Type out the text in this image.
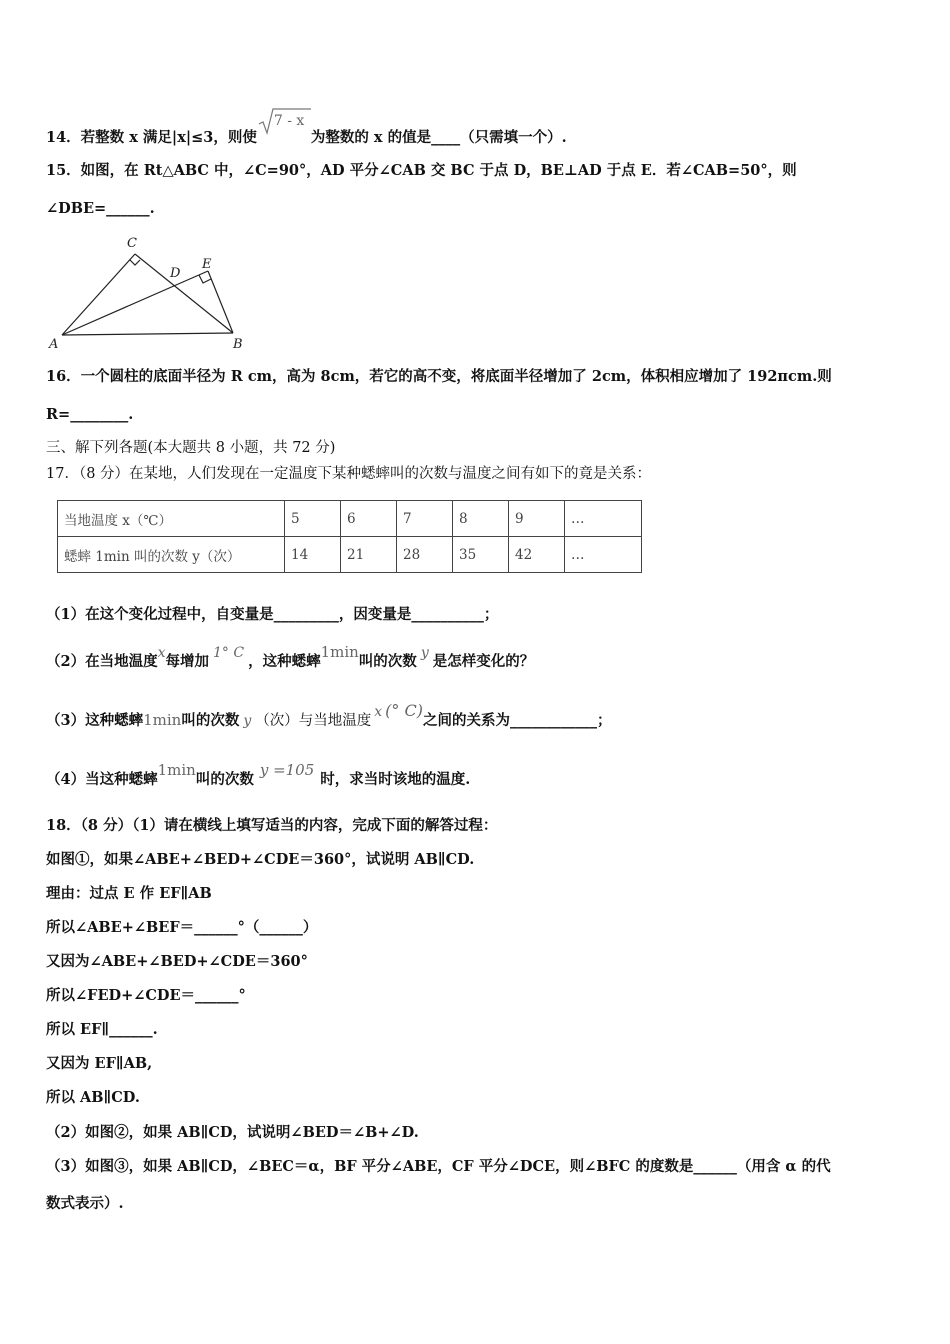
14．若整数 x 满足|x|≤3，则使
7 - x
为整数的 x 的值是____（只需填一个）.
15．如图，在 Rt△ABC 中，∠C=90°，AD 平分∠CAB 交 BC 于点 D，BE⊥AD 于点 E．若∠CAB=50°，则
∠DBE=______.
C
D
E
A	B
16．一个圆柱的底面半径为 R cm，高为 8cm，若它的高不变，将底面半径增加了 2cm，体积相应增加了 192πcm.则
R=________.
三、解下列各题(本大题共 8 小题，共 72 分)
17．（8 分）在某地，人们发现在一定温度下某种蟋蟀叫的次数与温度之间有如下的竟是关系：
当地温度 x（℃）	5	6	7	8	9	…
蟋蟀 1min 叫的次数 y（次）	14	21	28	35	42	…
（1）在这个变化过程中，自变量是_________，因变量是__________；
（2）在当地温度x每增加 1° C ，这种蟋蟀1min叫的次数 y 是怎样变化的？
（3）这种蟋蟀1min叫的次数 y （次）与当地温度x (° C)之间的关系为____________；
（4）当这种蟋蟀1min叫的次数y =105时，求当时该地的温度.
18．（8 分）（1）请在横线上填写适当的内容，完成下面的解答过程：
如图①，如果∠ABE+∠BED+∠CDE＝360°，试说明 AB∥CD.
理由：过点 E 作 EF∥AB
所以∠ABE+∠BEF＝______°（______）
又因为∠ABE+∠BED+∠CDE＝360°
所以∠FED+∠CDE＝______°
所以 EF∥______.
又因为 EF∥AB,
所以 AB∥CD.
（2）如图②，如果 AB∥CD，试说明∠BED＝∠B+∠D.
（3）如图③，如果 AB∥CD，∠BEC＝α，BF 平分∠ABE，CF 平分∠DCE，则∠BFC 的度数是______（用含 α 的代
数式表示）.
